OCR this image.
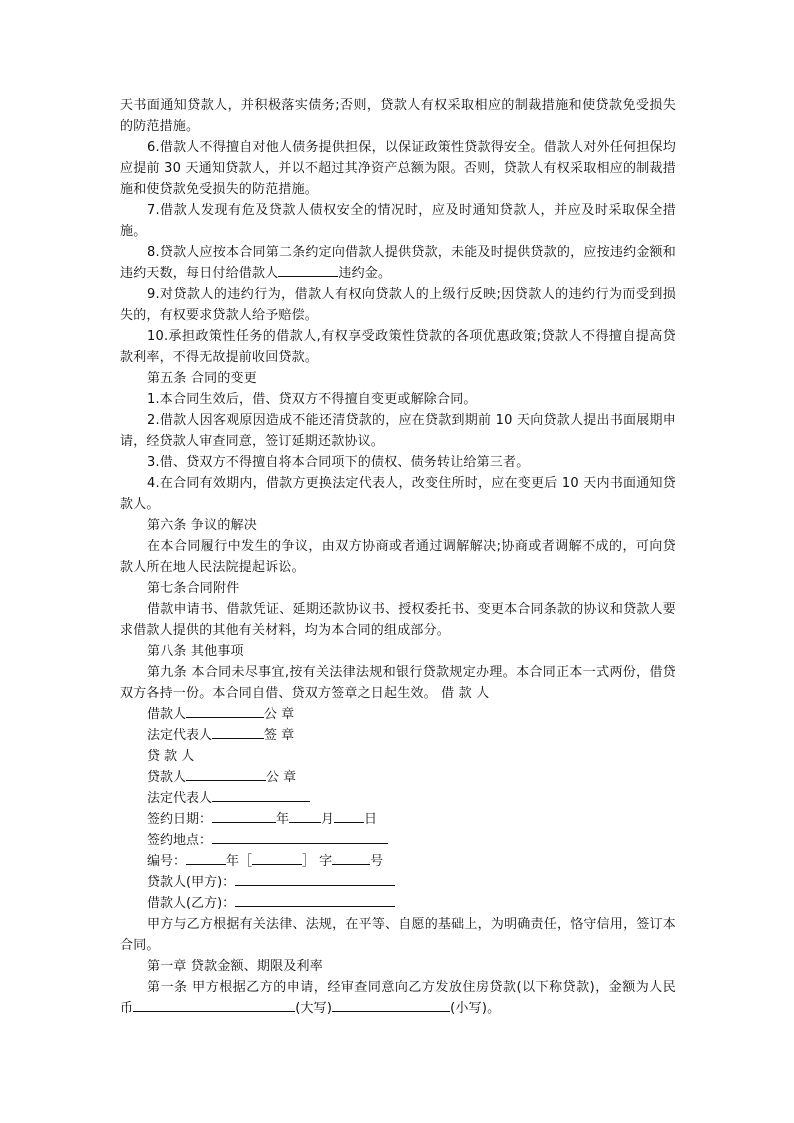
天书面通知贷款人，并积极落实债务;否则，贷款人有权采取相应的制裁措施和使贷款免受损失的防范措施。

6.借款人不得擅自对他人债务提供担保，以保证政策性贷款得安全。借款人对外任何担保均应提前 30 天通知贷款人，并以不超过其净资产总额为限。否则，贷款人有权采取相应的制裁措施和使贷款免受损失的防范措施。

7.借款人发现有危及贷款人债权安全的情况时，应及时通知贷款人，并应及时采取保全措施。

8.贷款人应按本合同第二条约定向借款人提供贷款，未能及时提供贷款的，应按违约金额和违约天数，每日付给借款人	违约金。

9.对贷款人的违约行为，借款人有权向贷款人的上级行反映;因贷款人的违约行为而受到损失的，有权要求贷款人给予赔偿。

10.承担政策性任务的借款人,有权享受政策性贷款的各项优惠政策;贷款人不得擅自提高贷款利率，不得无故提前收回贷款。

第五条 合同的变更

1.本合同生效后，借、贷双方不得擅自变更或解除合同。

2.借款人因客观原因造成不能还清贷款的，应在贷款到期前 10 天向贷款人提出书面展期申请，经贷款人审查同意，签订延期还款协议。

3.借、贷双方不得擅自将本合同项下的债权、债务转让给第三者。

4.在合同有效期内，借款方更换法定代表人，改变住所时，应在变更后 10 天内书面通知贷款人。

第六条 争议的解决

在本合同履行中发生的争议，由双方协商或者通过调解解决;协商或者调解不成的，可向贷款人所在地人民法院提起诉讼。

第七条合同附件

借款申请书、借款凭证、延期还款协议书、授权委托书、变更本合同条款的协议和贷款人要求借款人提供的其他有关材料，均为本合同的组成部分。

第八条 其他事项

第九条 本合同未尽事宜,按有关法律法规和银行贷款规定办理。本合同正本一式两份，借贷双方各持一份。本合同自借、贷双方签章之日起生效。 借 款 人

借款人	公 章

法定代表人	签 章

贷 款 人

贷款人	公 章

法定代表人

签约日期：	年 月 日

签约地点：

编号：	年［	］ 字	号

贷款人(甲方)：

借款人(乙方)：

甲方与乙方根据有关法律、法规，在平等、自愿的基础上，为明确责任，恪守信用，签订本合同。

第一章 贷款金额、期限及利率

第一条 甲方根据乙方的申请，经审查同意向乙方发放住房贷款(以下称贷款)，金额为人民币	(大写)	(小写)。
